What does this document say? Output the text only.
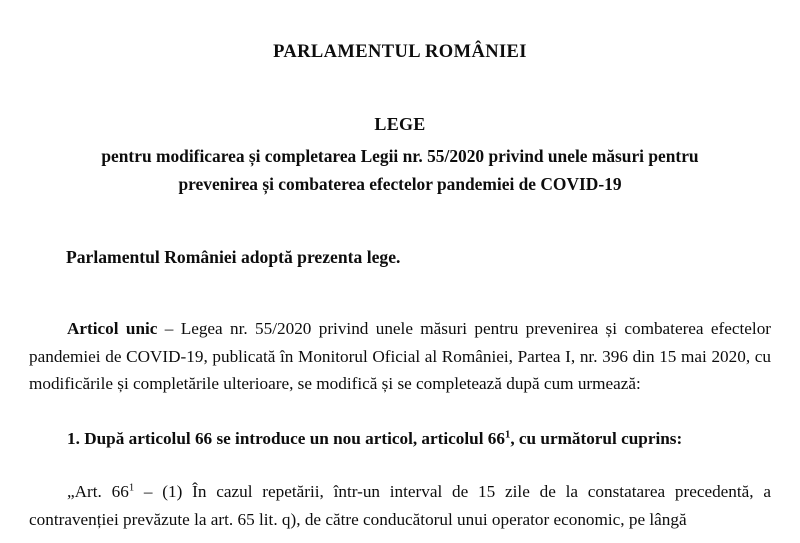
PARLAMENTUL ROMÂNIEI
LEGE
pentru modificarea și completarea Legii nr. 55/2020 privind unele măsuri pentru
prevenirea și combaterea efectelor pandemiei de COVID-19

Parlamentul României adoptă prezenta lege.

Articol unic – Legea nr. 55/2020 privind unele măsuri pentru prevenirea și combaterea efectelor pandemiei de COVID-19, publicată în Monitorul Oficial al României, Partea I, nr. 396 din 15 mai 2020, cu modificările și completările ulterioare, se modifică și se completează după cum urmează:

1. După articolul 66 se introduce un nou articol, articolul $66^1$, cu următorul cuprins:

„Art. $66^1 - (1)$ În cazul repetării, într-un interval de 15 zile de la constatarea precedentă, a contravenției prevăzute la art. 65 lit. q), de către conducătorul unui operator economic, pe lângă
